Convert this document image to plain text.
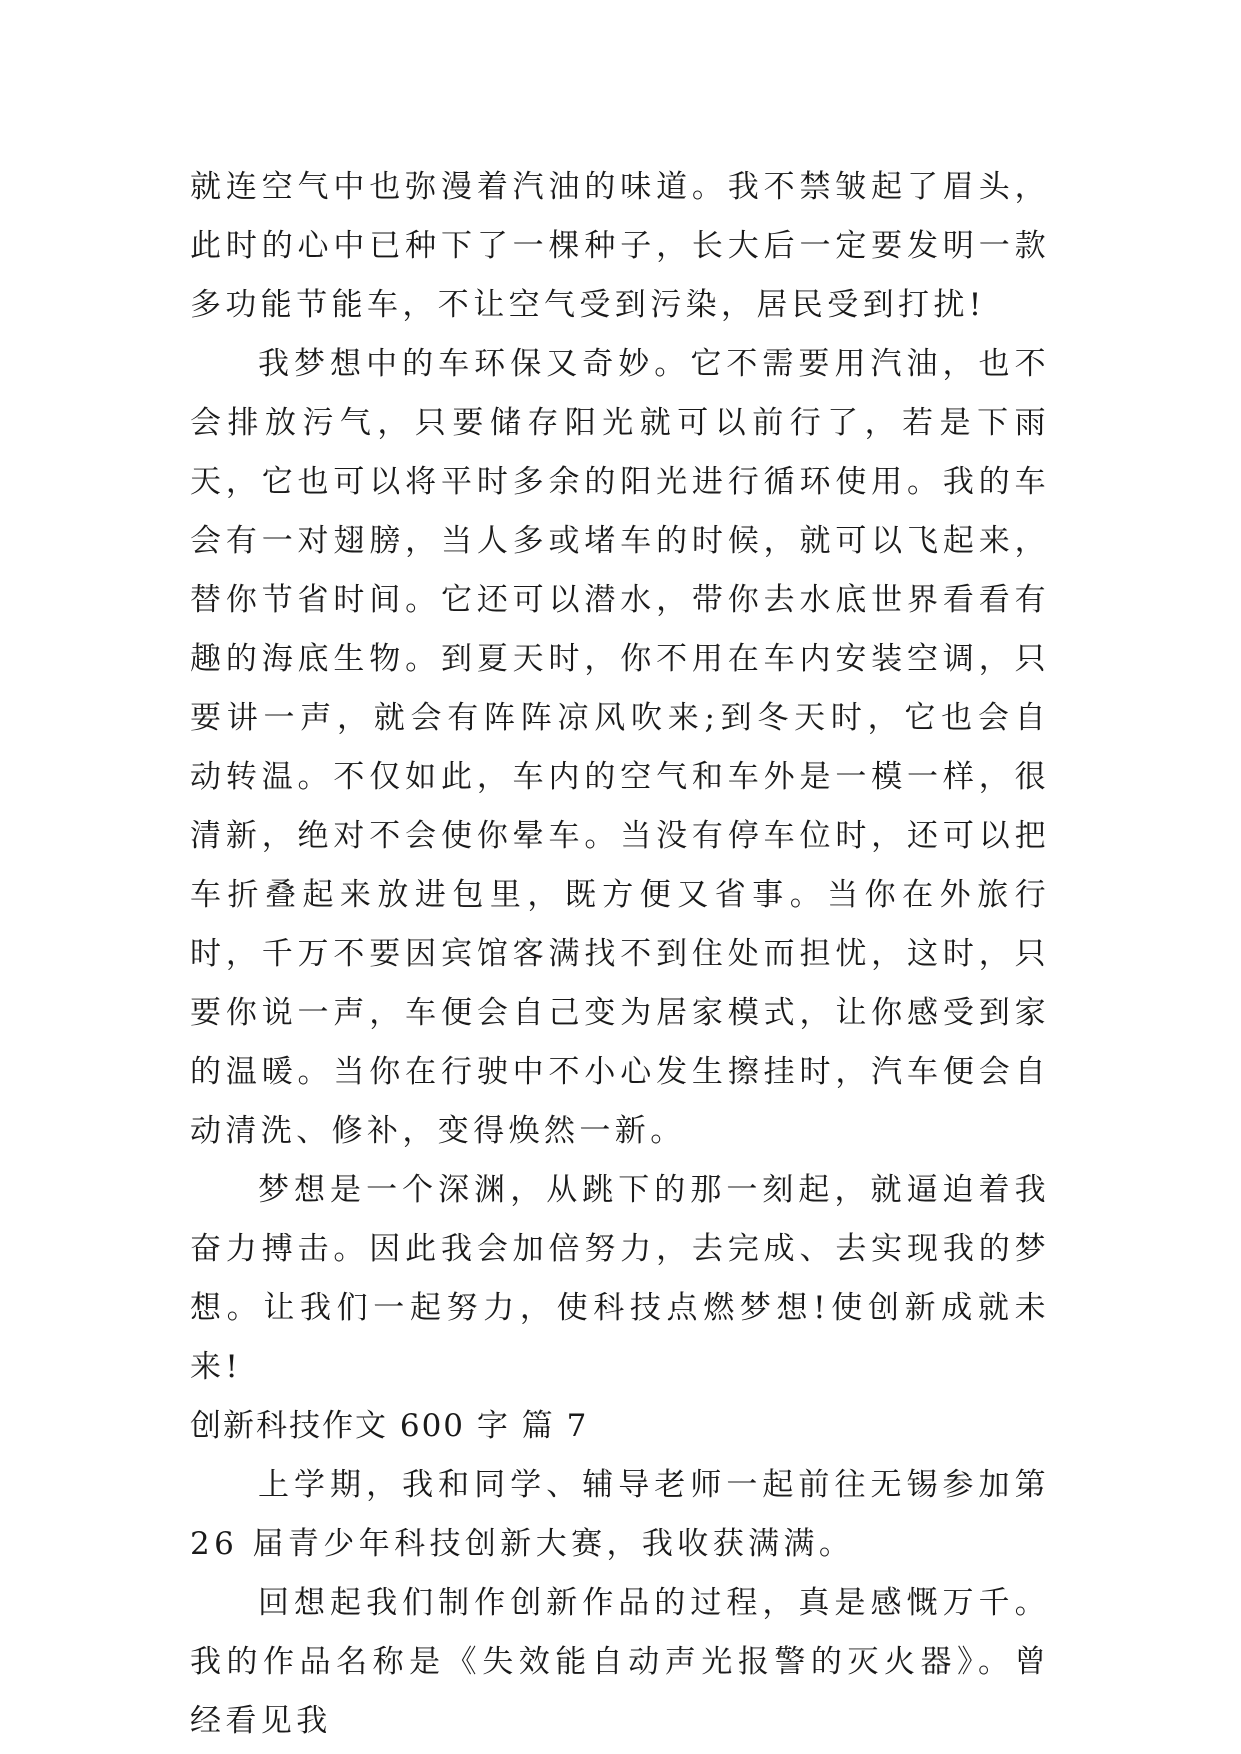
就连空气中也弥漫着汽油的味道。我不禁皱起了眉头，此时的心中已种下了一棵种子，长大后一定要发明一款多功能节能车，不让空气受到污染，居民受到打扰!

我梦想中的车环保又奇妙。它不需要用汽油，也不会排放污气，只要储存阳光就可以前行了，若是下雨天，它也可以将平时多余的阳光进行循环使用。我的车会有一对翅膀，当人多或堵车的时候，就可以飞起来，替你节省时间。它还可以潜水，带你去水底世界看看有趣的海底生物。到夏天时，你不用在车内安装空调，只要讲一声，就会有阵阵凉风吹来;到冬天时，它也会自动转温。不仅如此，车内的空气和车外是一模一样，很清新，绝对不会使你晕车。当没有停车位时，还可以把车折叠起来放进包里，既方便又省事。当你在外旅行时，千万不要因宾馆客满找不到住处而担忧，这时，只要你说一声，车便会自己变为居家模式，让你感受到家的温暖。当你在行驶中不小心发生擦挂时，汽车便会自动清洗、修补，变得焕然一新。

梦想是一个深渊，从跳下的那一刻起，就逼迫着我奋力搏击。因此我会加倍努力，去完成、去实现我的梦想。让我们一起努力，使科技点燃梦想!使创新成就未来!

创新科技作文 600 字 篇 7

上学期，我和同学、辅导老师一起前往无锡参加第 26 届青少年科技创新大赛，我收获满满。

回想起我们制作创新作品的过程，真是感慨万千。我的作品名称是《失效能自动声光报警的灭火器》。曾经看见我
